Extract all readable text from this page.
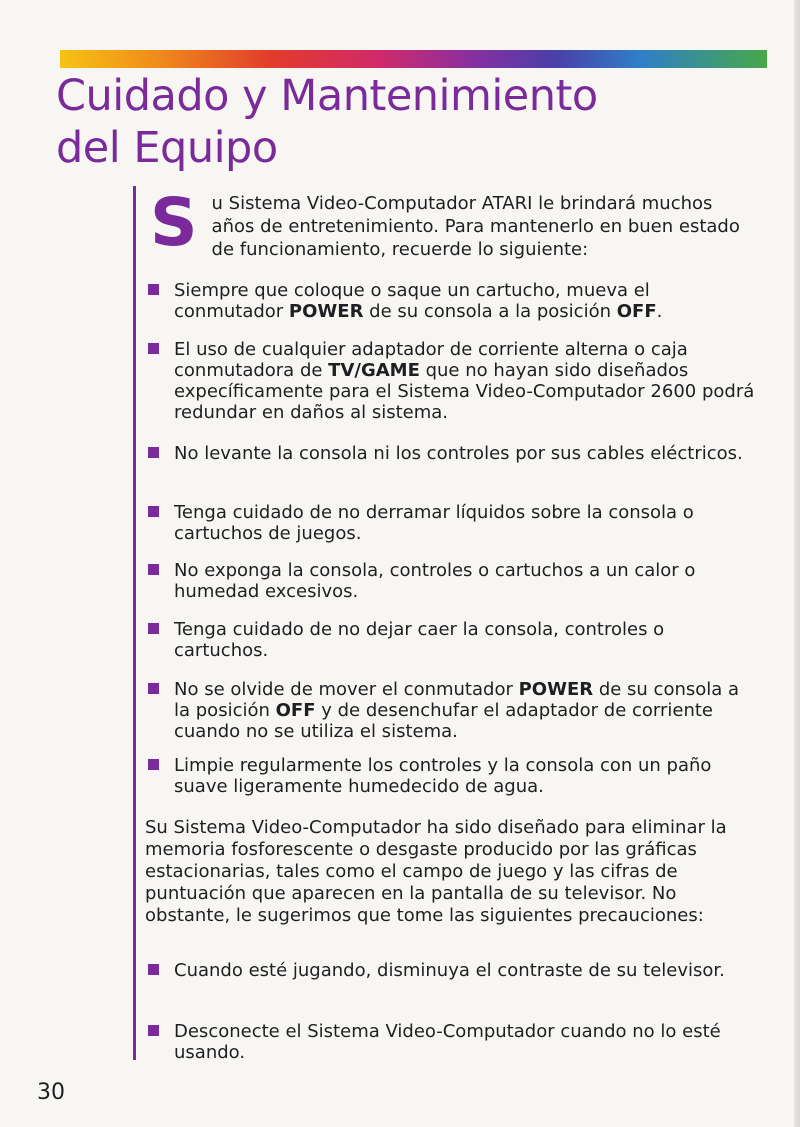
Cuidado y Mantenimiento
del Equipo
S u Sistema Video-Computador ATARI le brindará muchos años de entretenimiento. Para mantenerlo en buen estado de funcionamiento, recuerde lo siguiente:
Siempre que coloque o saque un cartucho, mueva el conmutador POWER de su consola a la posición OFF.
El uso de cualquier adaptador de corriente alterna o caja conmutadora de TV/GAME que no hayan sido diseñados expecíficamente para el Sistema Video-Computador 2600 podrá redundar en daños al sistema.
No levante la consola ni los controles por sus cables eléctricos.
Tenga cuidado de no derramar líquidos sobre la consola o cartuchos de juegos.
No exponga la consola, controles o cartuchos a un calor o humedad excesivos.
Tenga cuidado de no dejar caer la consola, controles o cartuchos.
No se olvide de mover el conmutador POWER de su consola a la posición OFF y de desenchufar el adaptador de corriente cuando no se utiliza el sistema.
Limpie regularmente los controles y la consola con un paño suave ligeramente humedecido de agua.
Su Sistema Video-Computador ha sido diseñado para eliminar la memoria fosforescente o desgaste producido por las gráficas estacionarias, tales como el campo de juego y las cifras de puntuación que aparecen en la pantalla de su televisor. No obstante, le sugerimos que tome las siguientes precauciones:
Cuando esté jugando, disminuya el contraste de su televisor.
Desconecte el Sistema Video-Computador cuando no lo esté usando.
30
